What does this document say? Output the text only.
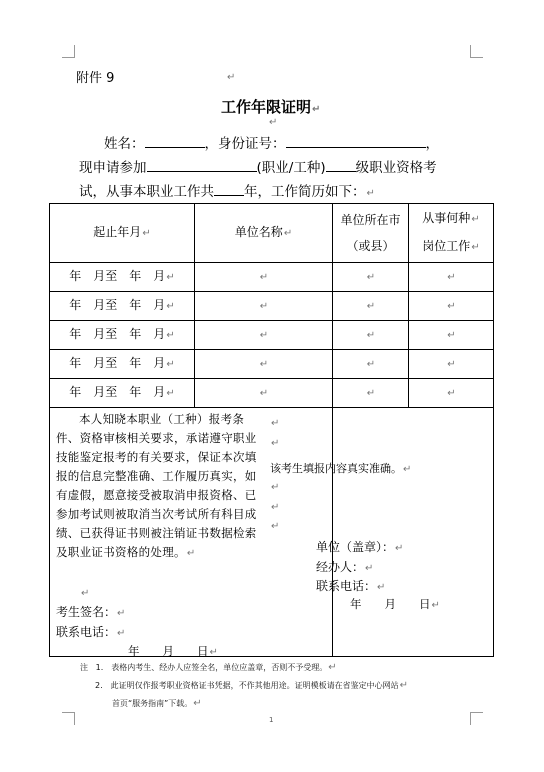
附件 9	↵
工作年限证明↵
↵
姓名：	，身份证号：	，
现申请参加	(职业/工种) 级职业资格考
试，从事本职业工作共 年，工作简历如下：↵
起止年月↵	单位名称↵	单位所在市
（或县）	从事何种↵
岗位工作↵
年　月至　年　月↵	↵	↵	↵
年　月至　年　月↵	↵	↵	↵
年　月至　年　月↵	↵	↵	↵
年　月至　年　月↵	↵	↵	↵
年　月至　年　月↵	↵	↵	↵

本人知晓本职业（工种）报考条件、资格审核相关要求，承诺遵守职业技能鉴定报考的有关要求，保证本次填报的信息完整准确、工作履历真实，如有虚假，愿意接受被取消申报资格、已参加考试则被取消当次考试所有科目成绩、已获得证书则被注销证书数据检索及职业证书资格的处理。↵
↵
考生签名：↵
联系电话：↵
年　　月　　日↵
↵
↵
该考生填报内容真实准确。↵
↵
↵
↵
单位（盖章）：↵
经办人：↵
联系电话：↵
年　　月　　日↵
注 1.　表格内考生、经办人应签全名，单位应盖章，否则不予受理。↵
2.　此证明仅作报考职业资格证书凭据，不作其他用途。证明模板请在省鉴定中心网站↵
首页“服务指南”下载。↵
1
